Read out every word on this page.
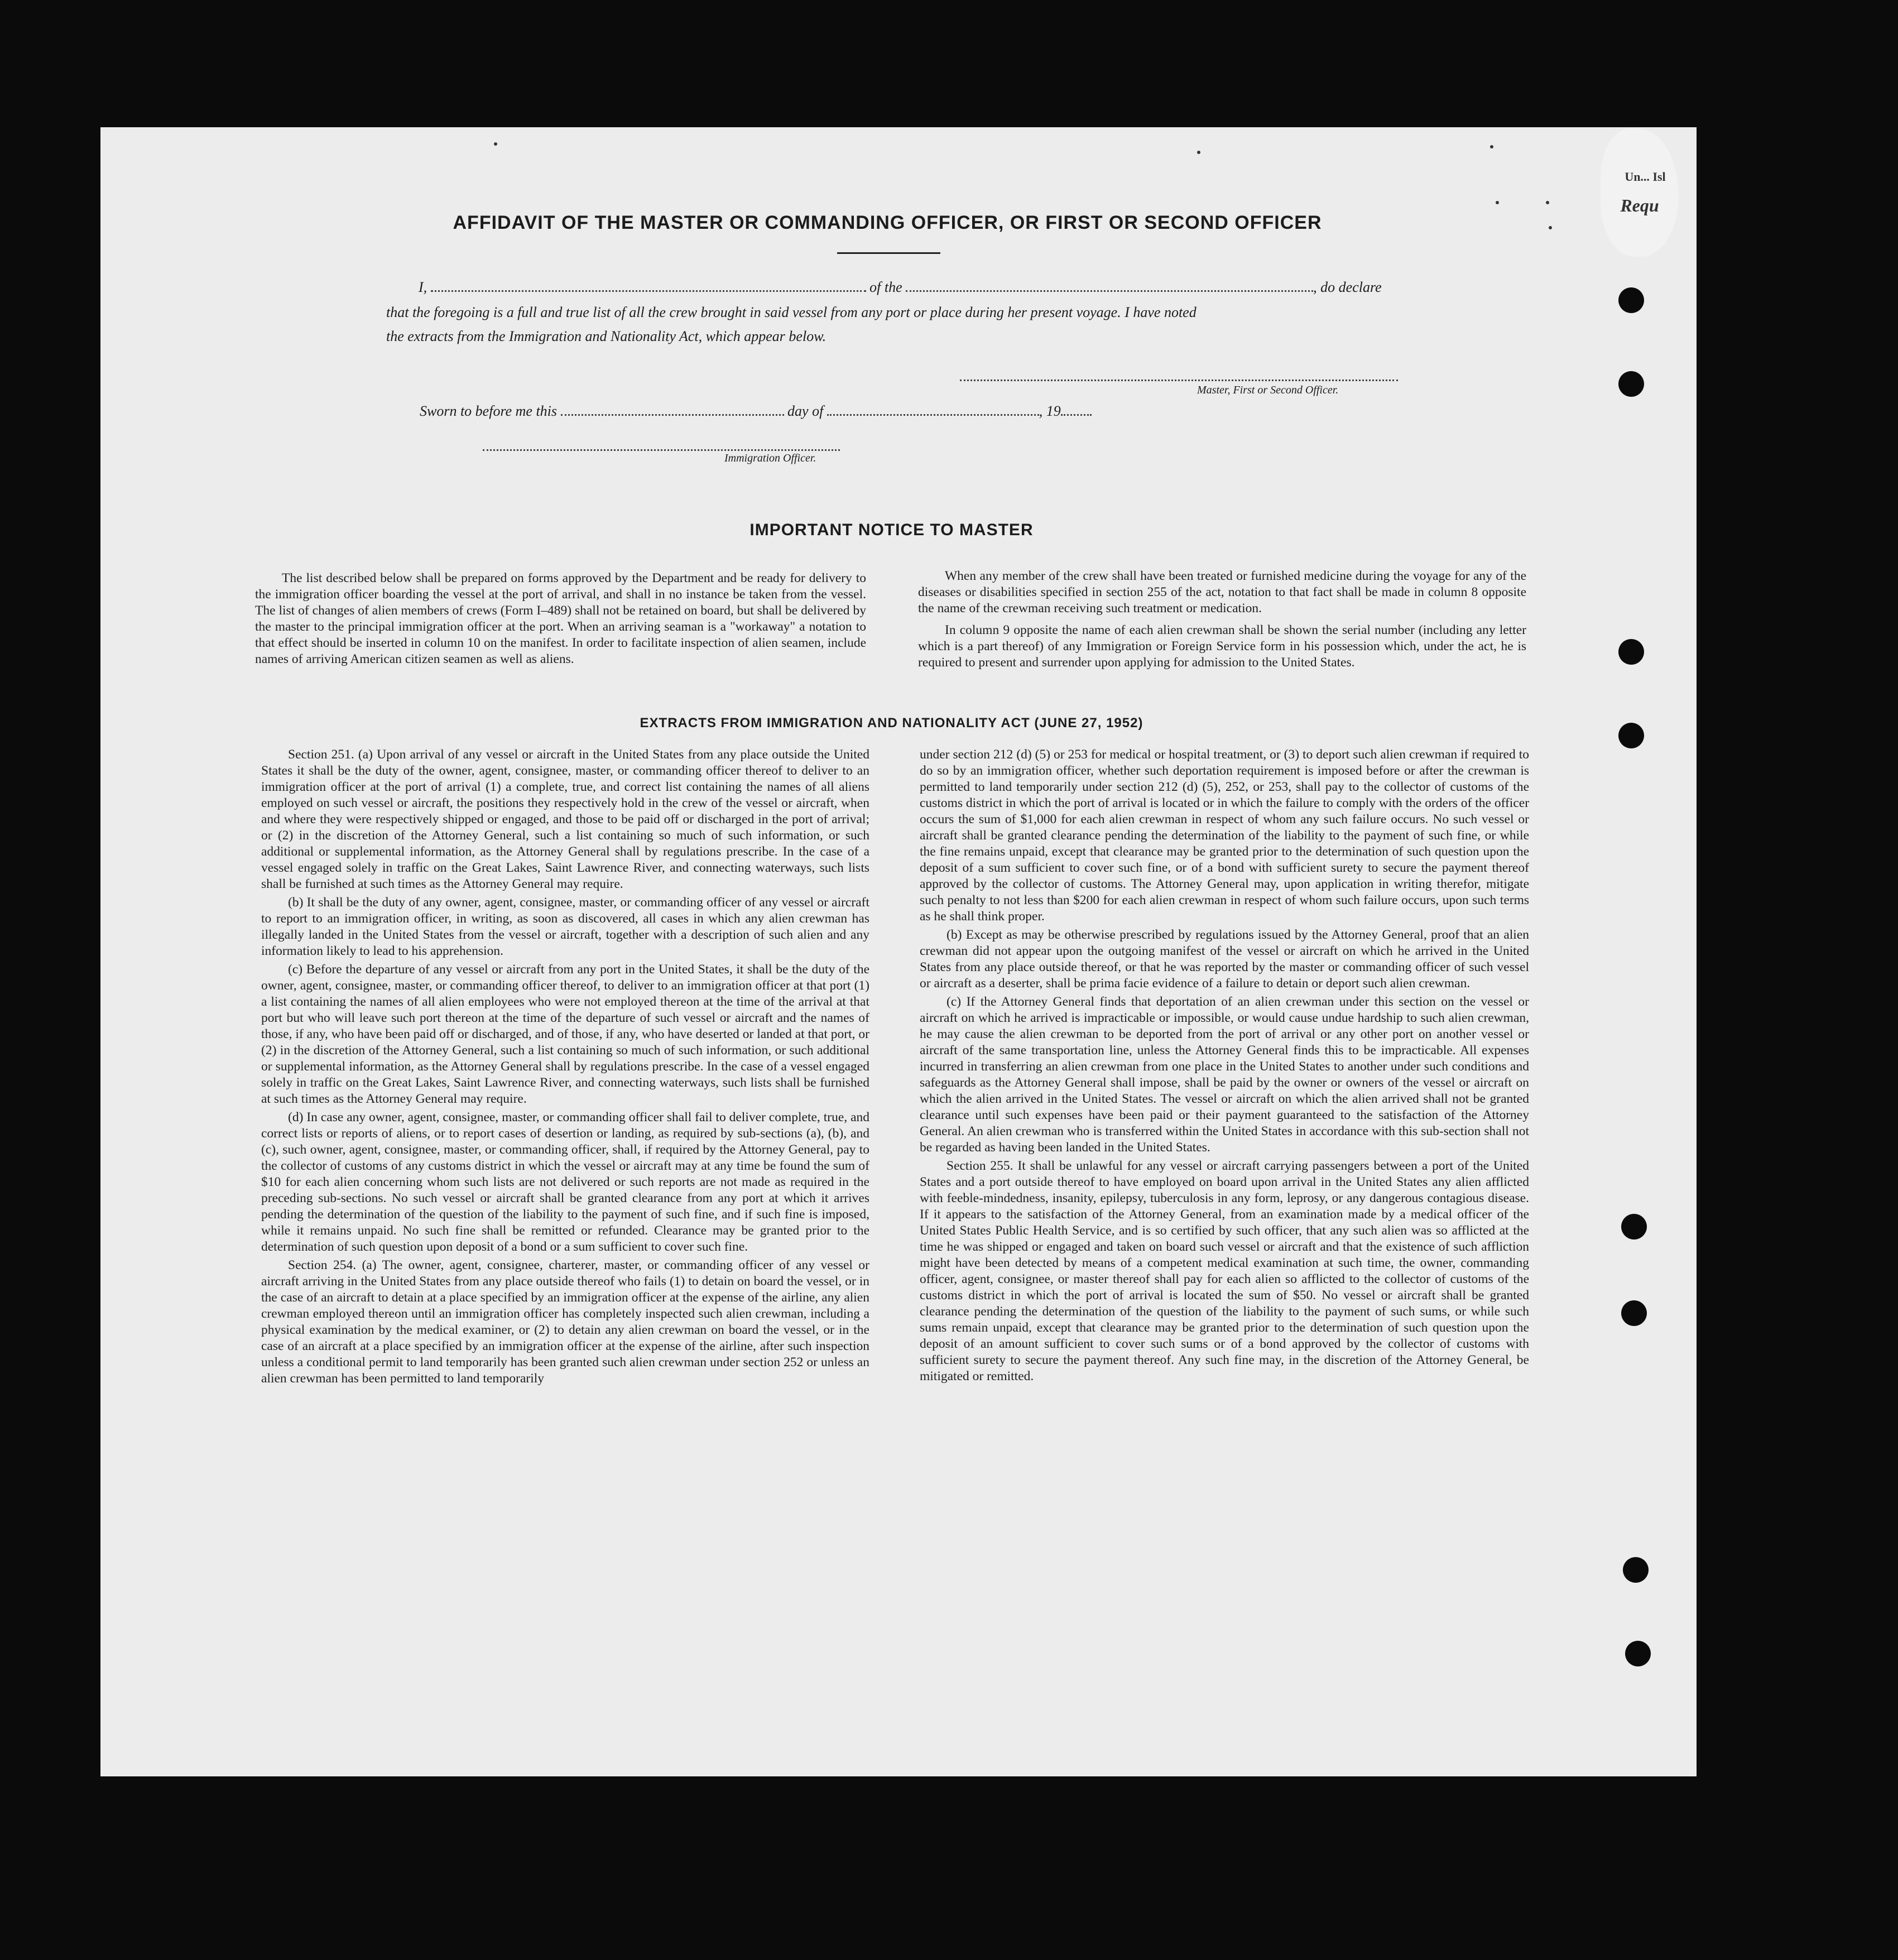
Un... Isl
Requ
AFFIDAVIT OF THE MASTER OR COMMANDING OFFICER, OR FIRST OR SECOND OFFICER
I,	of the	, do declare
that the foregoing is a full and true list of all the crew brought in said vessel from any port or place during her present voyage. I have noted
the extracts from the Immigration and Nationality Act, which appear below.
Master, First or Second Officer.
Sworn to before me this	day of	, 19
Immigration Officer.
IMPORTANT NOTICE TO MASTER

The list described below shall be prepared on forms approved by the Department and be ready for delivery to the immigration officer boarding the vessel at the port of arrival, and shall in no instance be taken from the vessel. The list of changes of alien members of crews (Form I–489) shall not be retained on board, but shall be delivered by the master to the principal immigration officer at the port. When an arriving seaman is a "workaway" a notation to that effect should be inserted in column 10 on the manifest. In order to facilitate inspection of alien seamen, include names of arriving American citizen seamen as well as aliens.

When any member of the crew shall have been treated or furnished medicine during the voyage for any of the diseases or disabilities specified in section 255 of the act, notation to that fact shall be made in column 8 opposite the name of the crewman receiving such treatment or medication.

In column 9 opposite the name of each alien crewman shall be shown the serial number (including any letter which is a part thereof) of any Immigration or Foreign Service form in his possession which, under the act, he is required to present and surrender upon applying for admission to the United States.

EXTRACTS FROM IMMIGRATION AND NATIONALITY ACT (JUNE 27, 1952)

Section 251. (a) Upon arrival of any vessel or aircraft in the United States from any place outside the United States it shall be the duty of the owner, agent, consignee, master, or commanding officer thereof to deliver to an immigration officer at the port of arrival (1) a complete, true, and correct list containing the names of all aliens employed on such vessel or aircraft, the positions they respectively hold in the crew of the vessel or aircraft, when and where they were respectively shipped or engaged, and those to be paid off or discharged in the port of arrival; or (2) in the discretion of the Attorney General, such a list containing so much of such information, or such additional or supplemental information, as the Attorney General shall by regulations prescribe. In the case of a vessel engaged solely in traffic on the Great Lakes, Saint Lawrence River, and connecting waterways, such lists shall be furnished at such times as the Attorney General may require.

(b) It shall be the duty of any owner, agent, consignee, master, or commanding officer of any vessel or aircraft to report to an immigration officer, in writing, as soon as discovered, all cases in which any alien crewman has illegally landed in the United States from the vessel or aircraft, together with a description of such alien and any information likely to lead to his apprehension.

(c) Before the departure of any vessel or aircraft from any port in the United States, it shall be the duty of the owner, agent, consignee, master, or commanding officer thereof, to deliver to an immigration officer at that port (1) a list containing the names of all alien employees who were not employed thereon at the time of the arrival at that port but who will leave such port thereon at the time of the departure of such vessel or aircraft and the names of those, if any, who have been paid off or discharged, and of those, if any, who have deserted or landed at that port, or (2) in the discretion of the Attorney General, such a list containing so much of such information, or such additional or supplemental information, as the Attorney General shall by regulations prescribe. In the case of a vessel engaged solely in traffic on the Great Lakes, Saint Lawrence River, and connecting waterways, such lists shall be furnished at such times as the Attorney General may require.

(d) In case any owner, agent, consignee, master, or commanding officer shall fail to deliver complete, true, and correct lists or reports of aliens, or to report cases of desertion or landing, as required by sub-sections (a), (b), and (c), such owner, agent, consignee, master, or commanding officer, shall, if required by the Attorney General, pay to the collector of customs of any customs district in which the vessel or aircraft may at any time be found the sum of $10 for each alien concerning whom such lists are not delivered or such reports are not made as required in the preceding sub-sections. No such vessel or aircraft shall be granted clearance from any port at which it arrives pending the determination of the question of the liability to the payment of such fine, and if such fine is imposed, while it remains unpaid. No such fine shall be remitted or refunded. Clearance may be granted prior to the determination of such question upon deposit of a bond or a sum sufficient to cover such fine.

Section 254. (a) The owner, agent, consignee, charterer, master, or commanding officer of any vessel or aircraft arriving in the United States from any place outside thereof who fails (1) to detain on board the vessel, or in the case of an aircraft to detain at a place specified by an immigration officer at the expense of the airline, any alien crewman employed thereon until an immigration officer has completely inspected such alien crewman, including a physical examination by the medical examiner, or (2) to detain any alien crewman on board the vessel, or in the case of an aircraft at a place specified by an immigration officer at the expense of the airline, after such inspection unless a conditional permit to land temporarily has been granted such alien crewman under section 252 or unless an alien crewman has been permitted to land temporarily

under section 212 (d) (5) or 253 for medical or hospital treatment, or (3) to deport such alien crewman if required to do so by an immigration officer, whether such deportation requirement is imposed before or after the crewman is permitted to land temporarily under section 212 (d) (5), 252, or 253, shall pay to the collector of customs of the customs district in which the port of arrival is located or in which the failure to comply with the orders of the officer occurs the sum of $1,000 for each alien crewman in respect of whom any such failure occurs. No such vessel or aircraft shall be granted clearance pending the determination of the liability to the payment of such fine, or while the fine remains unpaid, except that clearance may be granted prior to the determination of such question upon the deposit of a sum sufficient to cover such fine, or of a bond with sufficient surety to secure the payment thereof approved by the collector of customs. The Attorney General may, upon application in writing therefor, mitigate such penalty to not less than $200 for each alien crewman in respect of whom such failure occurs, upon such terms as he shall think proper.

(b) Except as may be otherwise prescribed by regulations issued by the Attorney General, proof that an alien crewman did not appear upon the outgoing manifest of the vessel or aircraft on which he arrived in the United States from any place outside thereof, or that he was reported by the master or commanding officer of such vessel or aircraft as a deserter, shall be prima facie evidence of a failure to detain or deport such alien crewman.

(c) If the Attorney General finds that deportation of an alien crewman under this section on the vessel or aircraft on which he arrived is impracticable or impossible, or would cause undue hardship to such alien crewman, he may cause the alien crewman to be deported from the port of arrival or any other port on another vessel or aircraft of the same transportation line, unless the Attorney General finds this to be impracticable. All expenses incurred in transferring an alien crewman from one place in the United States to another under such conditions and safeguards as the Attorney General shall impose, shall be paid by the owner or owners of the vessel or aircraft on which the alien arrived in the United States. The vessel or aircraft on which the alien arrived shall not be granted clearance until such expenses have been paid or their payment guaranteed to the satisfaction of the Attorney General. An alien crewman who is transferred within the United States in accordance with this sub-section shall not be regarded as having been landed in the United States.

Section 255. It shall be unlawful for any vessel or aircraft carrying passengers between a port of the United States and a port outside thereof to have employed on board upon arrival in the United States any alien afflicted with feeble-mindedness, insanity, epilepsy, tuberculosis in any form, leprosy, or any dangerous contagious disease. If it appears to the satisfaction of the Attorney General, from an examination made by a medical officer of the United States Public Health Service, and is so certified by such officer, that any such alien was so afflicted at the time he was shipped or engaged and taken on board such vessel or aircraft and that the existence of such affliction might have been detected by means of a competent medical examination at such time, the owner, commanding officer, agent, consignee, or master thereof shall pay for each alien so afflicted to the collector of customs of the customs district in which the port of arrival is located the sum of $50. No vessel or aircraft shall be granted clearance pending the determination of the question of the liability to the payment of such sums, or while such sums remain unpaid, except that clearance may be granted prior to the determination of such question upon the deposit of an amount sufficient to cover such sums or of a bond approved by the collector of customs with sufficient surety to secure the payment thereof. Any such fine may, in the discretion of the Attorney General, be mitigated or remitted.
